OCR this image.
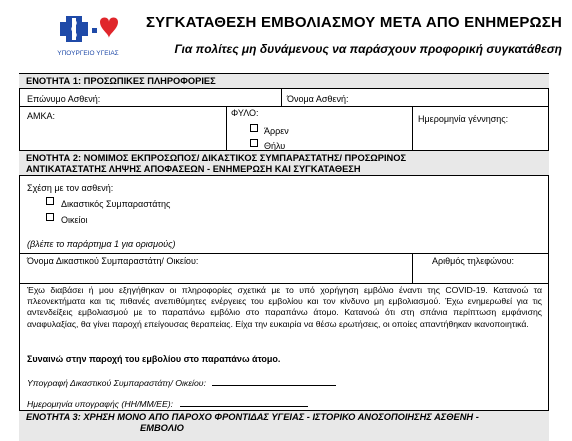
ΥΠΟΥΡΓΕΙΟ ΥΓΕΙΑΣ
ΣΥΓΚΑΤΑΘΕΣΗ ΕΜΒΟΛΙΑΣΜΟΥ ΜΕΤΑ ΑΠΟ ΕΝΗΜΕΡΩΣΗ
Για πολίτες μη δυνάμενους να παράσχουν προφορική συγκατάθεση
ΕΝΟΤΗΤΑ 1: ΠΡΟΣΩΠΙΚΕΣ ΠΛΗΡΟΦΟΡΙΕΣ
Επώνυμο Ασθενή:	Όνομα Ασθενή:
ΑΜΚΑ:	ΦΥΛΟ:
Άρρεν
Θήλυ
Ημερομηνία γέννησης:
ΕΝΟΤΗΤΑ 2: ΝΟΜΙΜΟΣ ΕΚΠΡΟΣΩΠΟΣ/ ΔΙΚΑΣΤΙΚΟΣ ΣΥΜΠΑΡΑΣΤΑΤΗΣ/ ΠΡΟΣΩΡΙΝΟΣ
ΑΝΤΙΚΑΤΑΣΤΑΤΗΣ ΛΗΨΗΣ ΑΠΟΦΑΣΕΩΝ - ΕΝΗΜΕΡΩΣΗ ΚΑΙ ΣΥΓΚΑΤΑΘΕΣΗ
Σχέση με τον ασθενή:
Δικαστικός Συμπαραστάτης
Οικείοι
(βλέπε το παράρτημα 1 για ορισμούς)
Όνομα Δικαστικού Συμπαραστάτη/ Οικείου:	Αριθμός τηλεφώνου:
Έχω διαβάσει ή μου εξηγήθηκαν οι πληροφορίες σχετικά με το υπό χορήγηση εμβόλιο έναντι της COVID-19. Κατανοώ τα πλεονεκτήματα και τις πιθανές ανεπιθύμητες ενέργειες του εμβολίου και τον κίνδυνο μη εμβολιασμού. Έχω ενημερωθεί για τις αντενδείξεις εμβολιασμού με το παραπάνω εμβόλιο στο παραπάνω άτομο. Κατανοώ ότι στη σπάνια περίπτωση εμφάνισης αναφυλαξίας, θα γίνει παροχή επείγουσας θεραπείας. Είχα την ευκαιρία να θέσω ερωτήσεις, οι οποίες απαντήθηκαν ικανοποιητικά.
Συναινώ στην παροχή του εμβολίου στο παραπάνω άτομο.
Υπογραφή Δικαστικού Συμπαραστάτη/ Οικείου:
Ημερομηνία υπογραφής (ΗΗ/ΜΜ/ΕΕ):
ΕΝΟΤΗΤΑ 3: ΧΡΗΣΗ ΜΟΝΟ ΑΠΟ ΠΑΡΟΧΟ ΦΡΟΝΤΙΔΑΣ ΥΓΕΙΑΣ - ΙΣΤΟΡΙΚΟ ΑΝΟΣΟΠΟΙΗΣΗΣ ΑΣΘΕΝΗ -
ΕΜΒΟΛΙΟ
